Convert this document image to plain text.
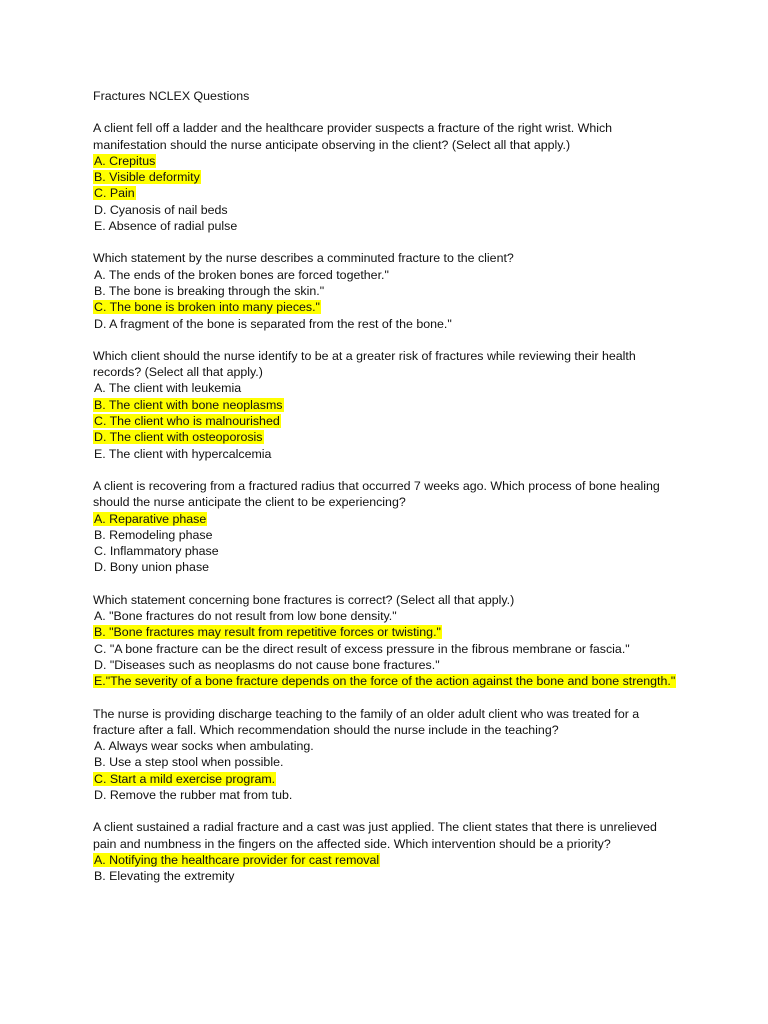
Fractures NCLEX Questions

A client fell off a ladder and the healthcare provider suspects a fracture of the right wrist. Which manifestation should the nurse anticipate observing in the client? (Select all that apply.)

A. Crepitus
B. Visible deformity
C. Pain
D. Cyanosis of nail beds
E. Absence of radial pulse

Which statement by the nurse describes a comminuted fracture to the client?

A. The ends of the broken bones are forced together."
B. The bone is breaking through the skin."
C. The bone is broken into many pieces."
D. A fragment of the bone is separated from the rest of the bone."

Which client should the nurse identify to be at a greater risk of fractures while reviewing their health records? (Select all that apply.)

A. The client with leukemia
B. The client with bone neoplasms
C. The client who is malnourished
D. The client with osteoporosis
E. The client with hypercalcemia

A client is recovering from a fractured radius that occurred 7 weeks ago. Which process of bone healing should the nurse anticipate the client to be experiencing?

A. Reparative phase
B. Remodeling phase
C. Inflammatory phase
D. Bony union phase

Which statement concerning bone fractures is correct? (Select all that apply.)

A. "Bone fractures do not result from low bone density."
B. "Bone fractures may result from repetitive forces or twisting."
C. "A bone fracture can be the direct result of excess pressure in the fibrous membrane or fascia."
D. "Diseases such as neoplasms do not cause bone fractures."
E."The severity of a bone fracture depends on the force of the action against the bone and bone strength."

The nurse is providing discharge teaching to the family of an older adult client who was treated for a fracture after a fall. Which recommendation should the nurse include in the teaching?

A. Always wear socks when ambulating.
B. Use a step stool when possible.
C. Start a mild exercise program.
D. Remove the rubber mat from tub.

A client sustained a radial fracture and a cast was just applied. The client states that there is unrelieved pain and numbness in the fingers on the affected side. Which intervention should be a priority?

A. Notifying the healthcare provider for cast removal
B. Elevating the extremity
